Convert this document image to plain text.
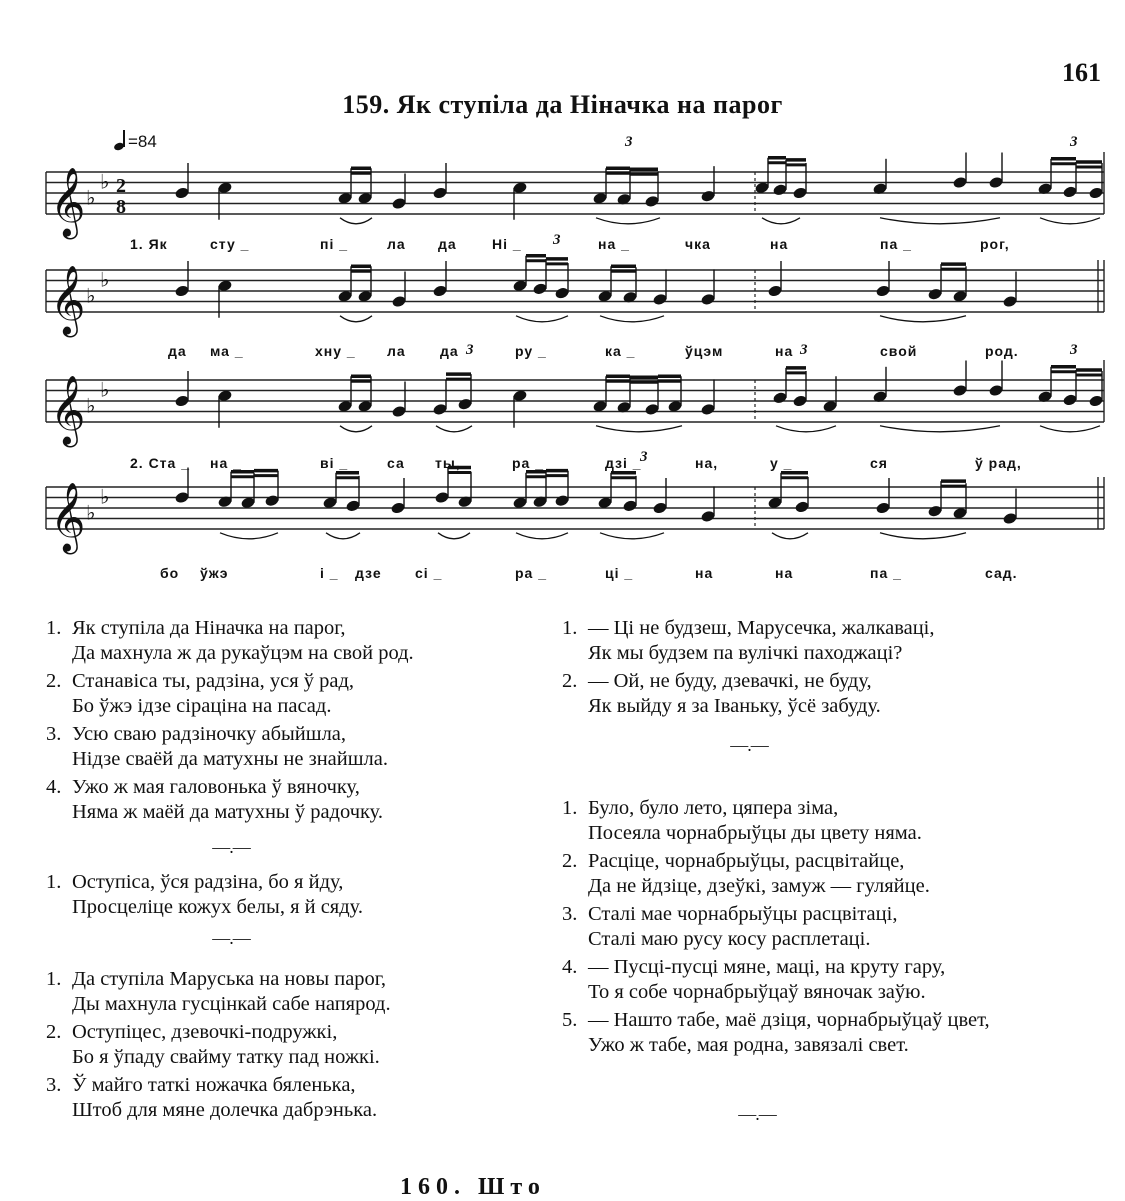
161
159. Як ступіла да Ніначка на парог
=84
𝄞 ♭
♭ 2
8
3	3
𝄞 ♭
♭
3
𝄞 ♭
♭
3	3	3
𝄞 ♭
♭
3
1. Як	сту _	пі _	ла да	Ні _	на _	чка	на	па _	рог,
да ма _	хну _ ла да	ру _	ка _	ўцэм	на	свой	род.
2. Ста _ на _	ві _	са ты,	ра _	дзі _	на,	у _	ся	ў рад,
бо ўжэ	і _ дзе сі _	ра _	ці _	на	на	па _	сад.
1. Як ступіла да Ніначка на парог,
Да махнула ж да рукаўцэм на свой род.
2. Станавіса ты, радзіна, уся ў рад,
Бо ўжэ ідзе сіраціна на пасад.
3. Усю сваю радзіночку абыйшла,
Нідзе сваёй да матухны не знайшла.
4. Ужо ж мая галовонька ў вяночку,
Няма ж маёй да матухны ў радочку.
—.—
1. Оступіса, ўся радзіна, бо я йду,
Просцеліце кожух белы, я й сяду.
—.—
1. Да ступіла Маруська на новы парог,
Ды махнула гусцінкай сабе напярод.
2. Оступіцес, дзевочкі-подружкі,
Бо я ўпаду свайму татку пад ножкі.
3. Ў майго таткі ножачка бяленька,
Штоб для мяне долечка дабрэнька.
1. — Ці не будзеш, Марусечка, жалкаваці,
Як мы будзем па вулічкі паходжаці?
2. — Ой, не буду, дзевачкі, не буду,
Як выйду я за Іваньку, ўсё забуду.
—.—
1. Було, було лето, цяпера зіма,
Посеяла чорнабрыўцы ды цвету няма.
2. Расціце, чорнабрыўцы, расцвітайце,
Да не йдзіце, дзеўкі, замуж — гуляйце.
3. Сталі мае чорнабрыўцы расцвітаці,
Сталі маю русу косу расплетаці.
4. — Пусці-пусці мяне, маці, на круту гару,
То я собе чорнабрыўцаў вяночак заўю.
5. — Нашто табе, маё дзіця, чорнабрыўцаў цвет,
Ужо ж табе, мая родна, завязалі свет.
—.—
160. Што
